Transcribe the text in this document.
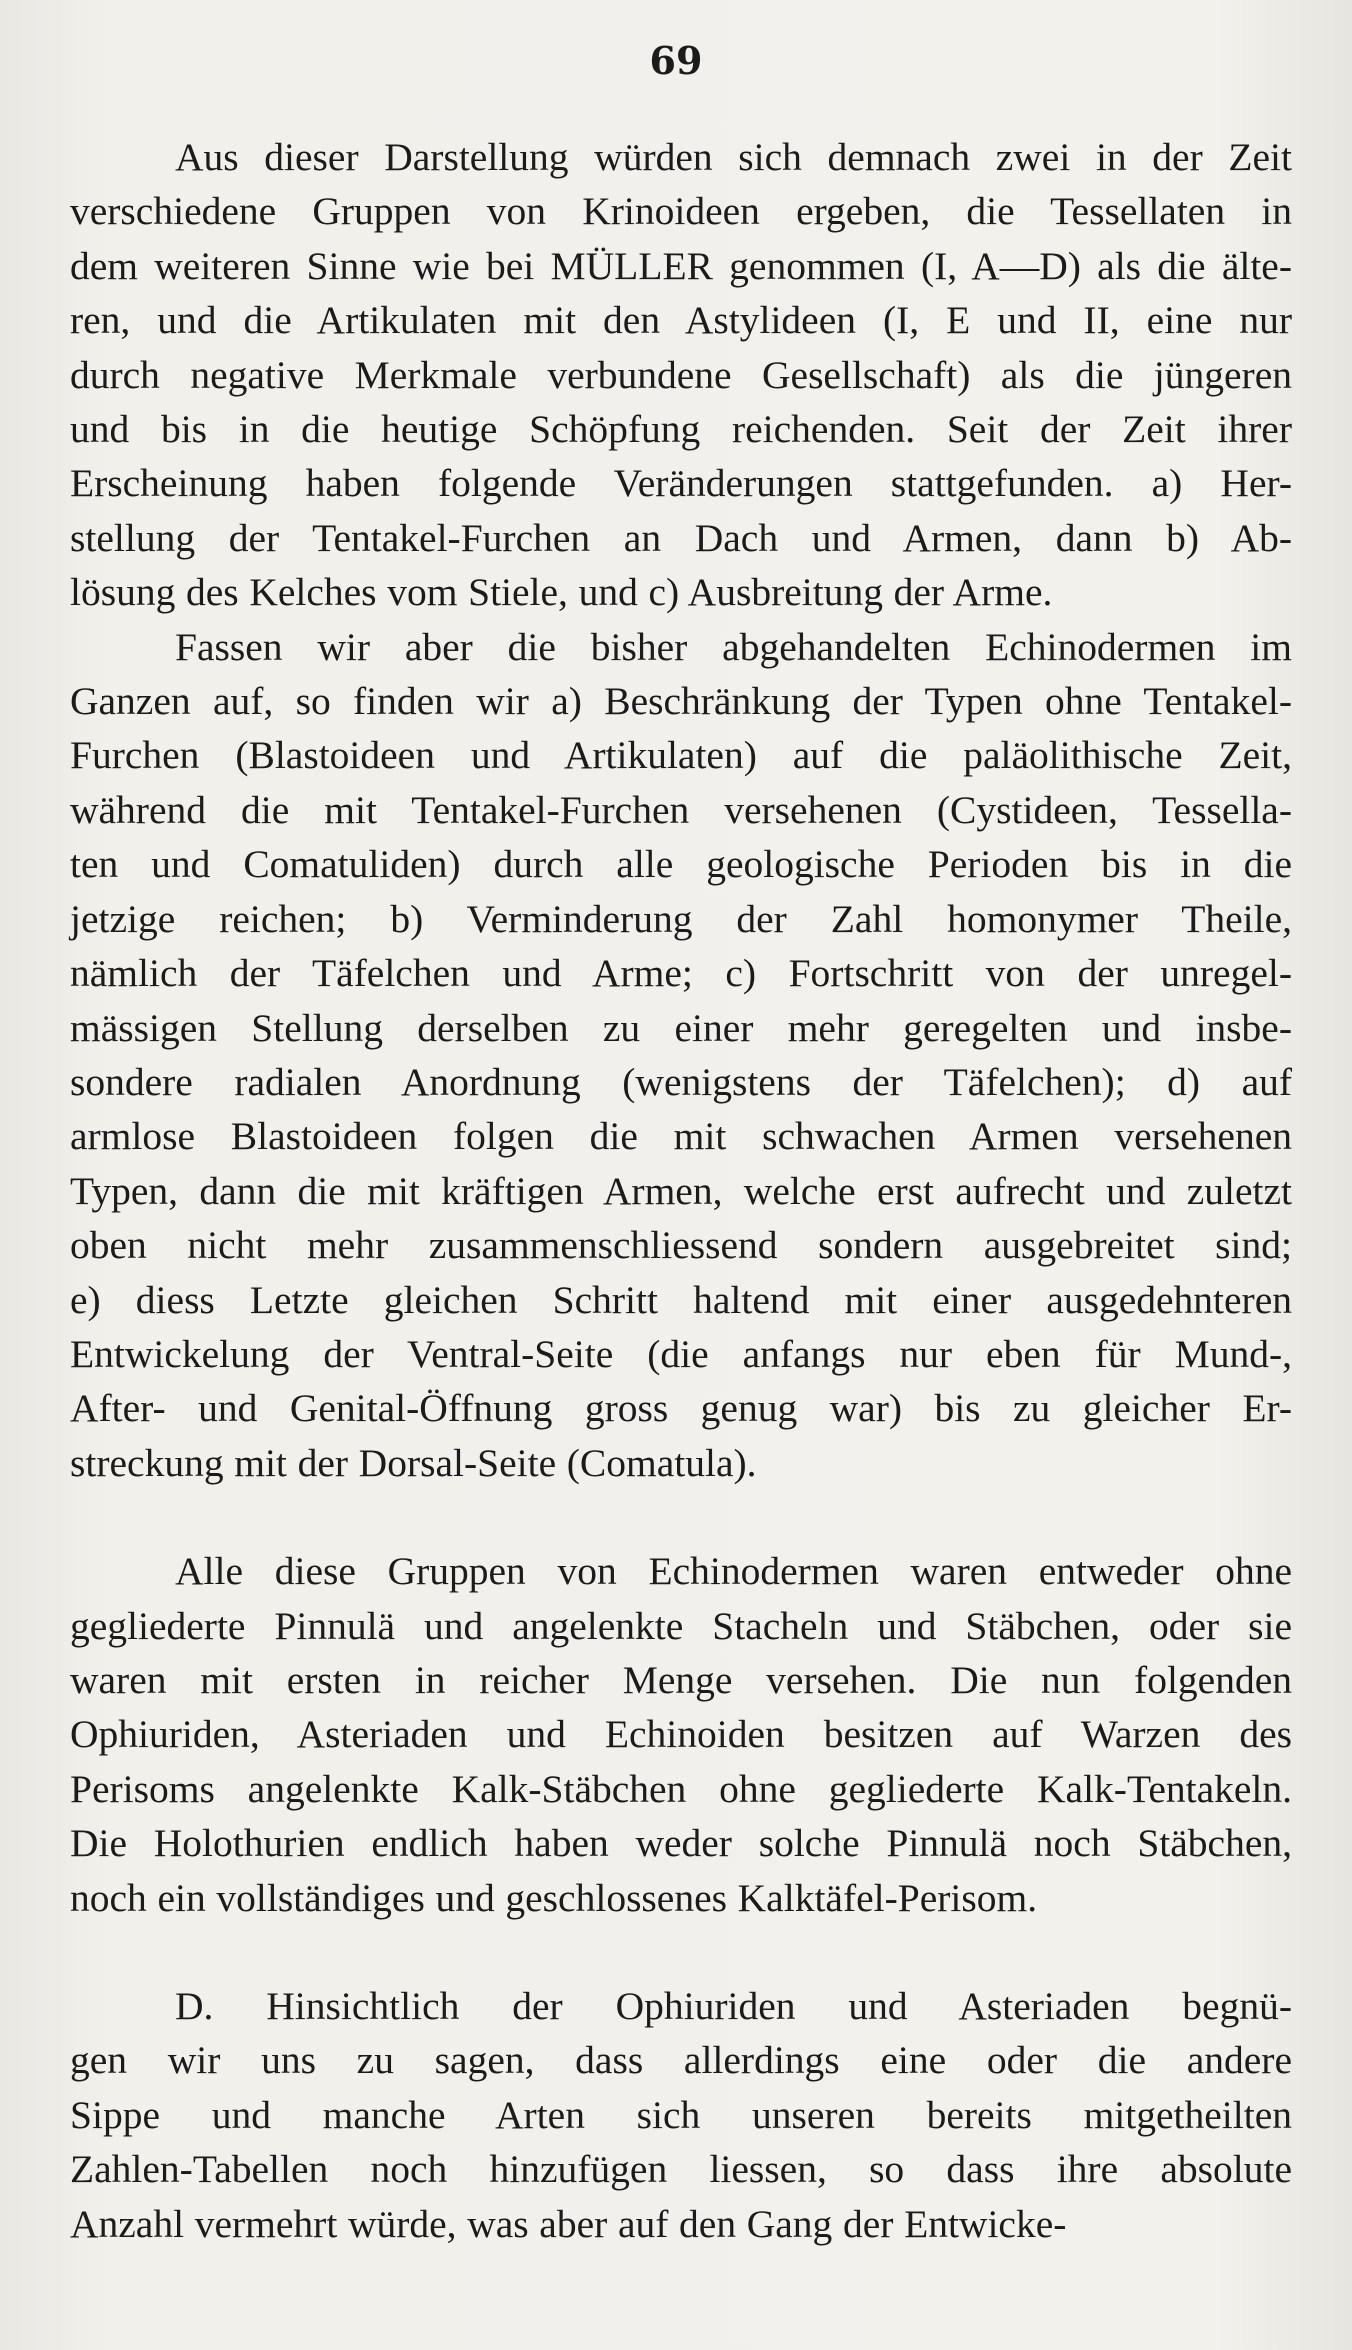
69
Aus dieser Darstellung würden sich demnach zwei in der Zeit
verschiedene Gruppen von Krinoideen ergeben, die Tessellaten in
dem weiteren Sinne wie bei MÜLLER genommen (I, A—D) als die älte-
ren, und die Artikulaten mit den Astylideen (I, E und II, eine nur
durch negative Merkmale verbundene Gesellschaft) als die jüngeren
und bis in die heutige Schöpfung reichenden. Seit der Zeit ihrer
Erscheinung haben folgende Veränderungen stattgefunden. a) Her-
stellung der Tentakel-Furchen an Dach und Armen, dann b) Ab-
lösung des Kelches vom Stiele, und c) Ausbreitung der Arme.
Fassen wir aber die bisher abgehandelten Echinodermen im
Ganzen auf, so finden wir a) Beschränkung der Typen ohne Tentakel-
Furchen (Blastoideen und Artikulaten) auf die paläolithische Zeit,
während die mit Tentakel-Furchen versehenen (Cystideen, Tessella-
ten und Comatuliden) durch alle geologische Perioden bis in die
jetzige reichen; b) Verminderung der Zahl homonymer Theile,
nämlich der Täfelchen und Arme; c) Fortschritt von der unregel-
mässigen Stellung derselben zu einer mehr geregelten und insbe-
sondere radialen Anordnung (wenigstens der Täfelchen); d) auf
armlose Blastoideen folgen die mit schwachen Armen versehenen
Typen, dann die mit kräftigen Armen, welche erst aufrecht und zuletzt
oben nicht mehr zusammenschliessend sondern ausgebreitet sind;
e) diess Letzte gleichen Schritt haltend mit einer ausgedehnteren
Entwickelung der Ventral-Seite (die anfangs nur eben für Mund-,
After- und Genital-Öffnung gross genug war) bis zu gleicher Er-
streckung mit der Dorsal-Seite (Comatula).
Alle diese Gruppen von Echinodermen waren entweder ohne
gegliederte Pinnulä und angelenkte Stacheln und Stäbchen, oder sie
waren mit ersten in reicher Menge versehen. Die nun folgenden
Ophiuriden, Asteriaden und Echinoiden besitzen auf Warzen des
Perisoms angelenkte Kalk-Stäbchen ohne gegliederte Kalk-Tentakeln.
Die Holothurien endlich haben weder solche Pinnulä noch Stäbchen,
noch ein vollständiges und geschlossenes Kalktäfel-Perisom.
D. Hinsichtlich der Ophiuriden und Asteriaden begnü-
gen wir uns zu sagen, dass allerdings eine oder die andere
Sippe und manche Arten sich unseren bereits mitgetheilten
Zahlen-Tabellen noch hinzufügen liessen, so dass ihre absolute
Anzahl vermehrt würde, was aber auf den Gang der Entwicke-
